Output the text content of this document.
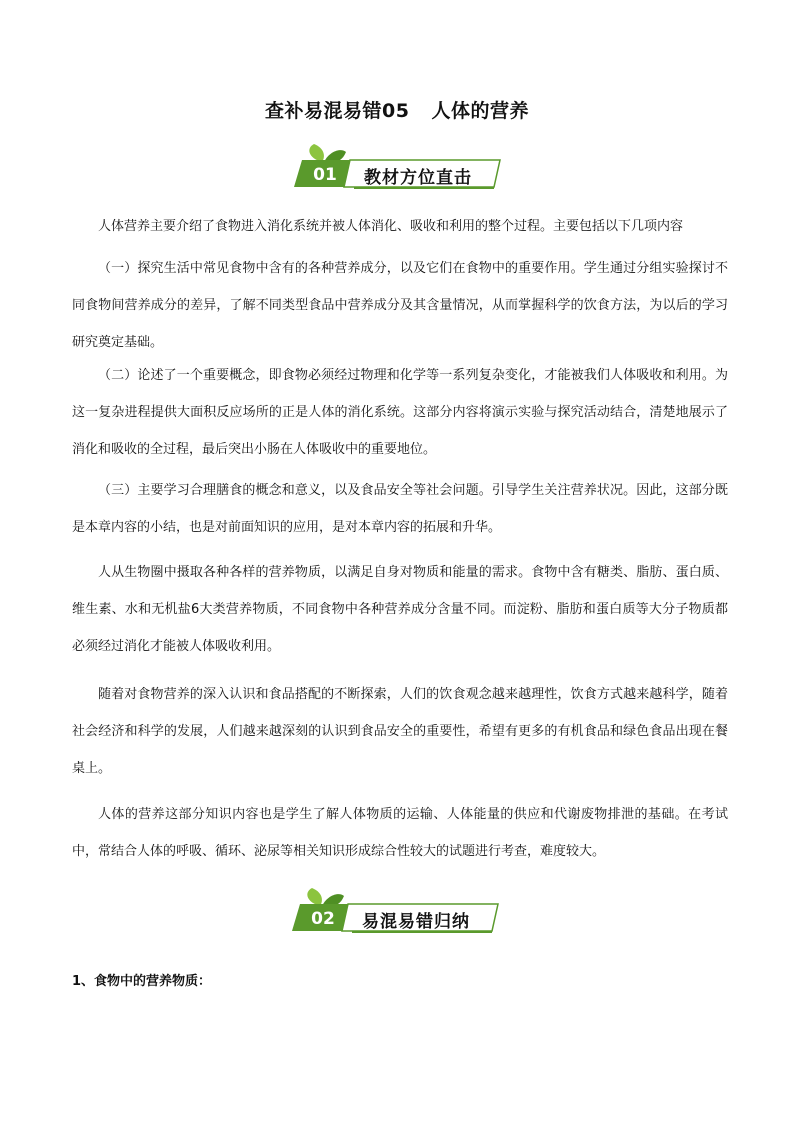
查补易混易错05 人体的营养
01	教材方位直击

人体营养主要介绍了食物进入消化系统并被人体消化、吸收和利用的整个过程。主要包括以下几项内容

（一）探究生活中常见食物中含有的各种营养成分，以及它们在食物中的重要作用。学生通过分组实验探讨不同食物间营养成分的差异，了解不同类型食品中营养成分及其含量情况，从而掌握科学的饮食方法，为以后的学习研究奠定基础。

（二）论述了一个重要概念，即食物必须经过物理和化学等一系列复杂变化，才能被我们人体吸收和利用。为这一复杂进程提供大面积反应场所的正是人体的消化系统。这部分内容将演示实验与探究活动结合，清楚地展示了消化和吸收的全过程，最后突出小肠在人体吸收中的重要地位。

（三）主要学习合理膳食的概念和意义，以及食品安全等社会问题。引导学生关注营养状况。因此，这部分既是本章内容的小结，也是对前面知识的应用，是对本章内容的拓展和升华。

人从生物圈中摄取各种各样的营养物质，以满足自身对物质和能量的需求。食物中含有糖类、脂肪、蛋白质、维生素、水和无机盐6大类营养物质，不同食物中各种营养成分含量不同。而淀粉、脂肪和蛋白质等大分子物质都必须经过消化才能被人体吸收利用。

随着对食物营养的深入认识和食品搭配的不断探索，人们的饮食观念越来越理性，饮食方式越来越科学，随着社会经济和科学的发展，人们越来越深刻的认识到食品安全的重要性，希望有更多的有机食品和绿色食品出现在餐桌上。

人体的营养这部分知识内容也是学生了解人体物质的运输、人体能量的供应和代谢废物排泄的基础。在考试中，常结合人体的呼吸、循环、泌尿等相关知识形成综合性较大的试题进行考查，难度较大。

02	易混易错归纳
1、食物中的营养物质：
